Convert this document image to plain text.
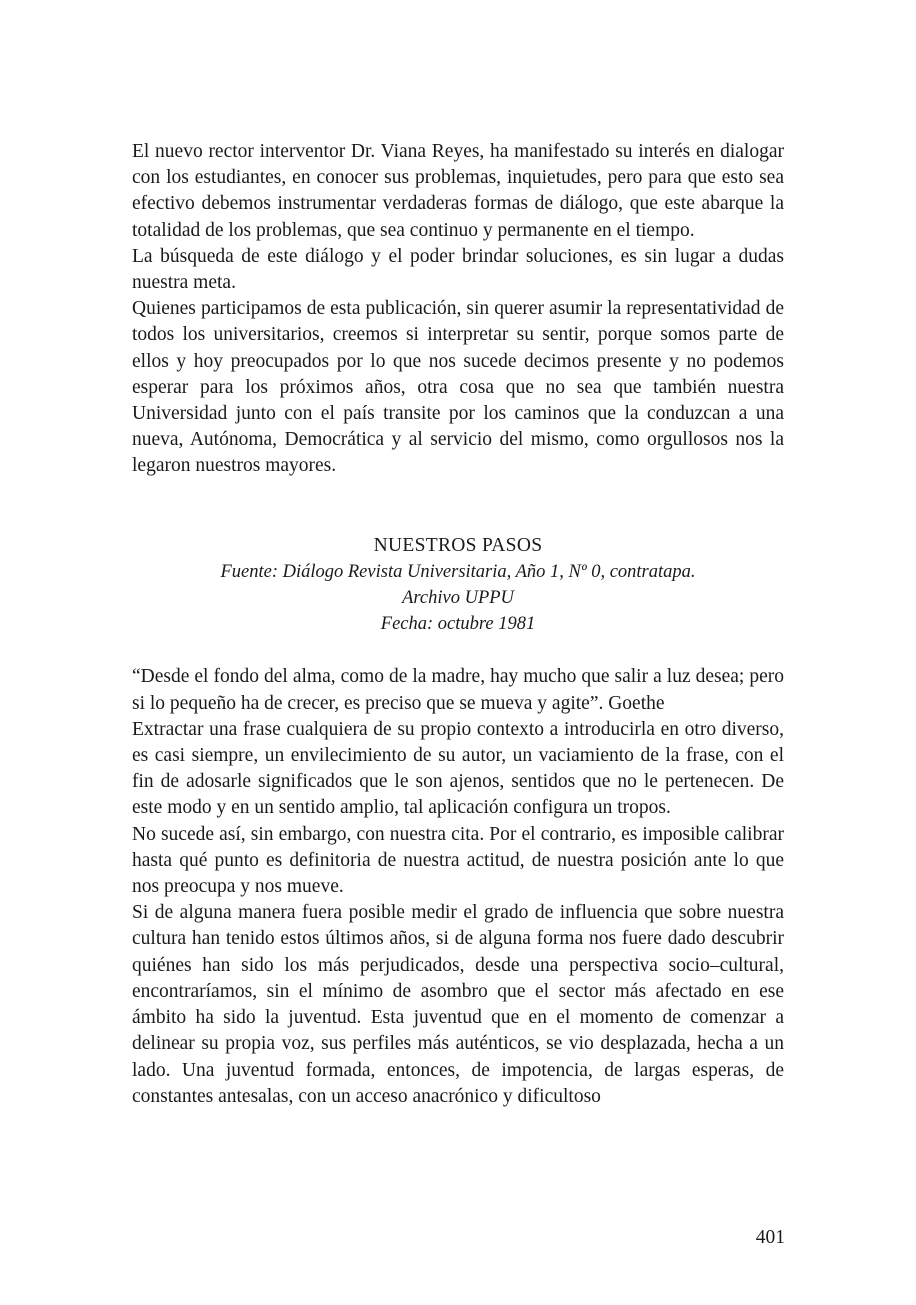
El nuevo rector interventor Dr. Viana Reyes, ha manifestado su interés en dialogar con los estudiantes, en conocer sus problemas, inquietudes, pero para que esto sea efectivo debemos instrumentar verdaderas formas de diálogo, que este abarque la totalidad de los problemas, que sea continuo y permanente en el tiempo.

La búsqueda de este diálogo y el poder brindar soluciones, es sin lugar a dudas nuestra meta.

Quienes participamos de esta publicación, sin querer asumir la representatividad de todos los universitarios, creemos si interpretar su sentir, porque somos parte de ellos y hoy preocupados por lo que nos sucede decimos presente y no podemos esperar para los próximos años, otra cosa que no sea que también nuestra Universidad junto con el país transite por los caminos que la conduzcan a una nueva, Autónoma, Democrática y al servicio del mismo, como orgullosos nos la legaron nuestros mayores.

NUESTROS PASOS
Fuente: Diálogo Revista Universitaria, Año 1, Nº 0, contratapa.
Archivo UPPU
Fecha: octubre 1981

“Desde el fondo del alma, como de la madre, hay mucho que salir a luz desea; pero si lo pequeño ha de crecer, es preciso que se mueva y agite”. Goethe

Extractar una frase cualquiera de su propio contexto a introducirla en otro diverso, es casi siempre, un envilecimiento de su autor, un vaciamiento de la frase, con el fin de adosarle significados que le son ajenos, sentidos que no le pertenecen. De este modo y en un sentido amplio, tal aplicación configura un tropos.

No sucede así, sin embargo, con nuestra cita. Por el contrario, es imposible calibrar hasta qué punto es definitoria de nuestra actitud, de nuestra posición ante lo que nos preocupa y nos mueve.

Si de alguna manera fuera posible medir el grado de influencia que sobre nuestra cultura han tenido estos últimos años, si de alguna forma nos fuere dado descubrir quiénes han sido los más perjudicados, desde una perspectiva socio–cultural, encontraríamos, sin el mínimo de asombro que el sector más afectado en ese ámbito ha sido la juventud. Esta juventud que en el momento de comenzar a delinear su propia voz, sus perfiles más auténticos, se vio desplazada, hecha a un lado. Una juventud formada, entonces, de impotencia, de largas esperas, de constantes antesalas, con un acceso anacrónico y dificultoso

401
